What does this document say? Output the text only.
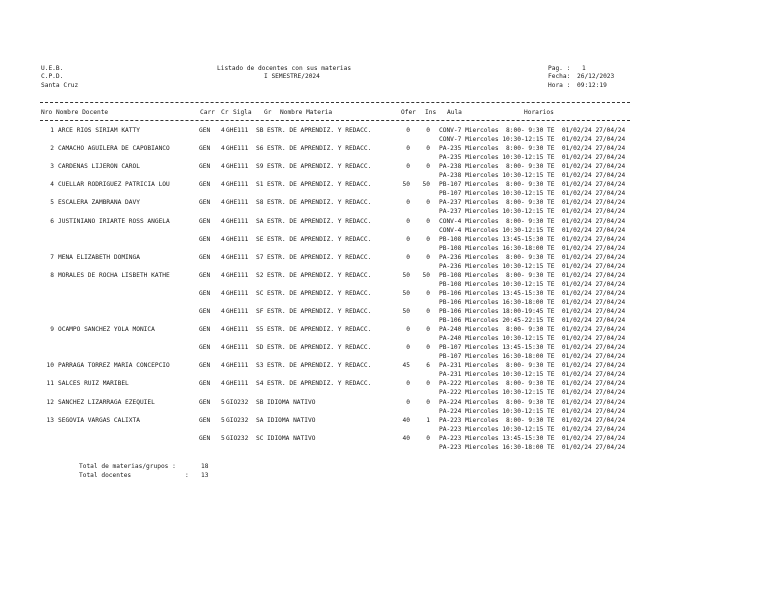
U.E.B.
C.P.D.
Santa Cruz
Listado de docentes con sus materias
I SEMESTRE/2024
Pag. : 1
Fecha: 26/12/2023
Hora : 09:12:19
Nro Nombre Docente	Carr Cr Sigla Gr Nombre Materia	Ofer Ins Aula	Horarios
1 ARCE RIOS SIRIAM KATTY	GEN 4 GHE111 SB ESTR. DE APRENDIZ. Y REDACC.	0	0 CONV-7 Miercoles  8:00- 9:30 TE  01/02/24 27/04/24
CONV-7 Miercoles 10:30-12:15 TE  01/02/24 27/04/24
2 CAMACHO AGUILERA DE CAPOBIANCO	GEN 4 GHE111 S6 ESTR. DE APRENDIZ. Y REDACC.	0	0 PA-235 Miercoles  8:00- 9:30 TE  01/02/24 27/04/24
PA-235 Miercoles 10:30-12:15 TE  01/02/24 27/04/24
3 CARDENAS LIJERON CAROL	GEN 4 GHE111 S9 ESTR. DE APRENDIZ. Y REDACC.	0	0 PA-238 Miercoles  8:00- 9:30 TE  01/02/24 27/04/24
PA-238 Miercoles 10:30-12:15 TE  01/02/24 27/04/24
4 CUELLAR RODRIGUEZ PATRICIA LOU	GEN 4 GHE111 S1 ESTR. DE APRENDIZ. Y REDACC.	50 50 PB-107 Miercoles  8:00- 9:30 TE  01/02/24 27/04/24
PB-107 Miercoles 10:30-12:15 TE  01/02/24 27/04/24
5 ESCALERA ZAMBRANA DAVY	GEN 4 GHE111 S8 ESTR. DE APRENDIZ. Y REDACC.	0	0 PA-237 Miercoles  8:00- 9:30 TE  01/02/24 27/04/24
PA-237 Miercoles 10:30-12:15 TE  01/02/24 27/04/24
6 JUSTINIANO IRIARTE ROSS ANGELA	GEN 4 GHE111 SA ESTR. DE APRENDIZ. Y REDACC.	0	0 CONV-4 Miercoles  8:00- 9:30 TE  01/02/24 27/04/24
CONV-4 Miercoles 10:30-12:15 TE  01/02/24 27/04/24
GEN 4 GHE111 SE ESTR. DE APRENDIZ. Y REDACC.	0	0 PB-108 Miercoles 13:45-15:30 TE  01/02/24 27/04/24
PB-108 Miercoles 16:30-18:00 TE  01/02/24 27/04/24
7 MENA ELIZABETH DOMINGA	GEN 4 GHE111 S7 ESTR. DE APRENDIZ. Y REDACC.	0	0 PA-236 Miercoles  8:00- 9:30 TE  01/02/24 27/04/24
PA-236 Miercoles 10:30-12:15 TE  01/02/24 27/04/24
8 MORALES DE ROCHA LISBETH KATHE	GEN 4 GHE111 S2 ESTR. DE APRENDIZ. Y REDACC.	50 50 PB-108 Miercoles  8:00- 9:30 TE  01/02/24 27/04/24
PB-108 Miercoles 10:30-12:15 TE  01/02/24 27/04/24
GEN 4 GHE111 SC ESTR. DE APRENDIZ. Y REDACC.	50	0 PB-106 Miercoles 13:45-15:30 TE  01/02/24 27/04/24
PB-106 Miercoles 16:30-18:00 TE  01/02/24 27/04/24
GEN 4 GHE111 SF ESTR. DE APRENDIZ. Y REDACC.	50	0 PB-106 Miercoles 18:00-19:45 TE  01/02/24 27/04/24
PB-106 Miercoles 20:45-22:15 TE  01/02/24 27/04/24
9 OCAMPO SANCHEZ YOLA MONICA	GEN 4 GHE111 S5 ESTR. DE APRENDIZ. Y REDACC.	0	0 PA-240 Miercoles  8:00- 9:30 TE  01/02/24 27/04/24
PA-240 Miercoles 10:30-12:15 TE  01/02/24 27/04/24
GEN 4 GHE111 SD ESTR. DE APRENDIZ. Y REDACC.	0	0 PB-107 Miercoles 13:45-15:30 TE  01/02/24 27/04/24
PB-107 Miercoles 16:30-18:00 TE  01/02/24 27/04/24
10 PARRAGA TORREZ MARIA CONCEPCIO	GEN 4 GHE111 S3 ESTR. DE APRENDIZ. Y REDACC.	45	6 PA-231 Miercoles  8:00- 9:30 TE  01/02/24 27/04/24
PA-231 Miercoles 10:30-12:15 TE  01/02/24 27/04/24
11 SALCES RUIZ MARIBEL	GEN 4 GHE111 S4 ESTR. DE APRENDIZ. Y REDACC.	0	0 PA-222 Miercoles  8:00- 9:30 TE  01/02/24 27/04/24
PA-222 Miercoles 10:30-12:15 TE  01/02/24 27/04/24
12 SANCHEZ LIZARRAGA EZEQUIEL	GEN 5 GIO232 SB IDIOMA NATIVO	0	0 PA-224 Miercoles  8:00- 9:30 TE  01/02/24 27/04/24
PA-224 Miercoles 10:30-12:15 TE  01/02/24 27/04/24
13 SEGOVIA VARGAS CALIXTA	GEN 5 GIO232 SA IDIOMA NATIVO	40	1 PA-223 Miercoles  8:00- 9:30 TE  01/02/24 27/04/24
PA-223 Miercoles 10:30-12:15 TE  01/02/24 27/04/24
GEN 5 GIO232 SC IDIOMA NATIVO	40	0 PA-223 Miercoles 13:45-15:30 TE  01/02/24 27/04/24
PA-223 Miercoles 16:30-18:00 TE  01/02/24 27/04/24
Total de materias/grupos :	18
Total docentes	: 13
